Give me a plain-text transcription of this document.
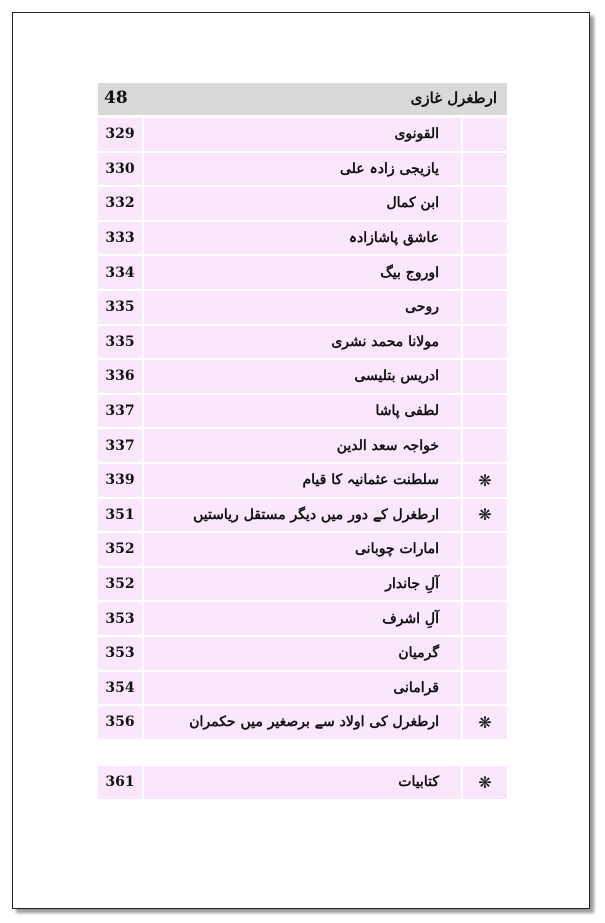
ارطغرل غازی
48
329	القونوی	
330	یازیجی زادہ علی	
332	ابن کمال	
333	عاشق پاشازادہ	
334	اوروج بیگ	
335	روحی	
335	مولانا محمد نشری	
336	ادریس بتلیسی	
337	لطفی پاشا	
337	خواجہ سعد الدین	
339	سلطنت عثمانیہ کا قیام	❋
351	ارطغرل کے دور میں دیگر مستقل ریاستیں	❋
352	امارات چوبانی	
352	آلِ جاندار	
353	آلِ اشرف	
353	گرمیان	
354	قرامانی	
356	ارطغرل کی اولاد سے برصغیر میں حکمران	❋
361	کتابیات	❋
